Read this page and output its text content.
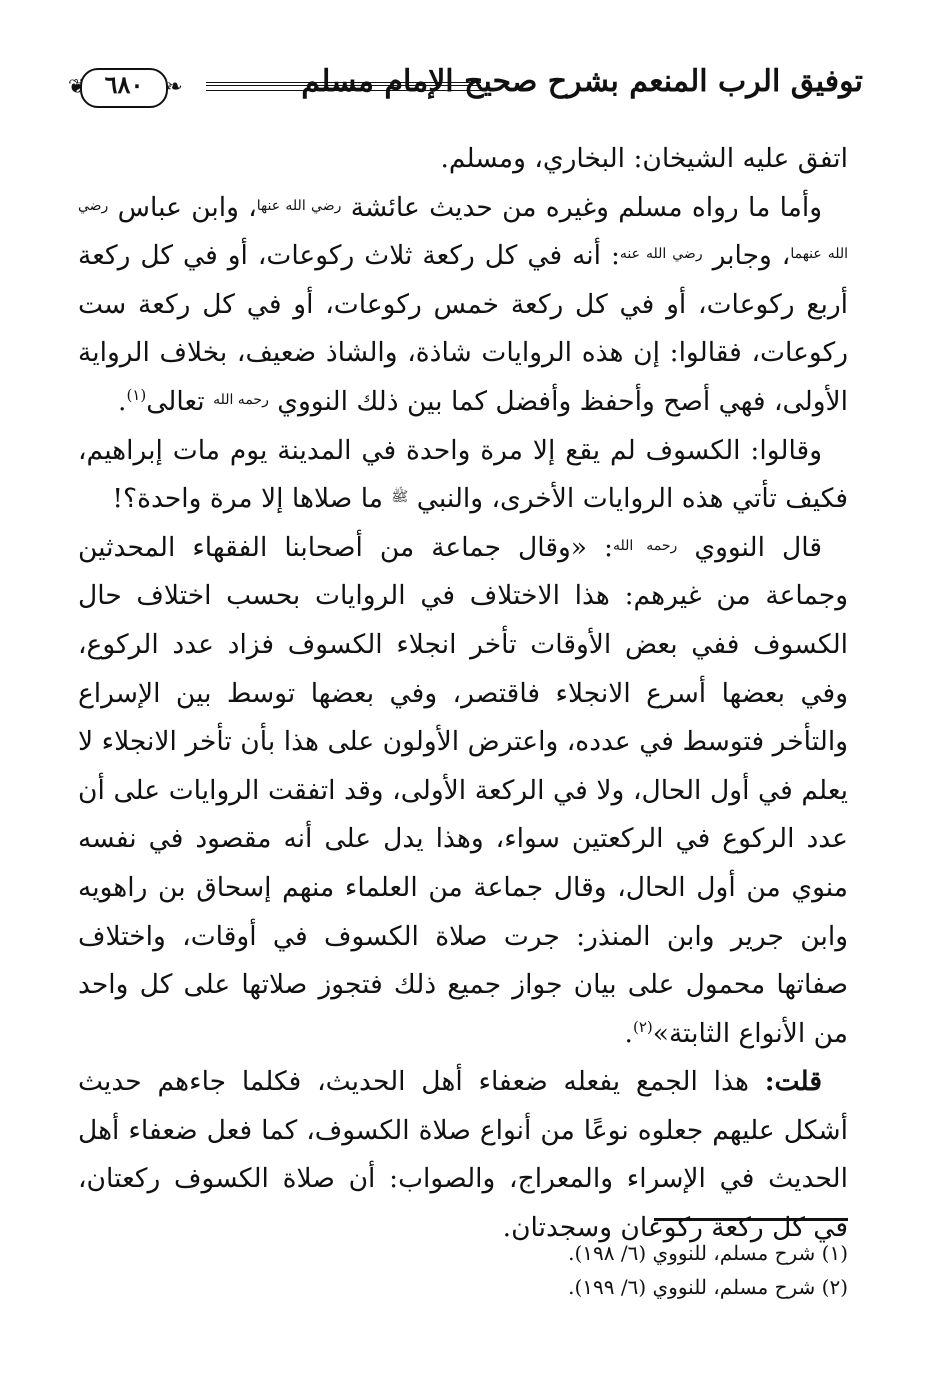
توفيق الرب المنعم بشرح صحيح الإمام مسلم
❦ ٦٨٠	❧

اتفق عليه الشيخان: البخاري، ومسلم.

وأما ما رواه مسلم وغيره من حديث عائشة $^{رضي الله عنها}$، وابن عباس $^{رضي الله عنهما}$، وجابر $^{رضي الله عنه}$: أنه في كل ركعة ثلاث ركوعات، أو في كل ركعة أربع ركوعات، أو في كل ركعة خمس ركوعات، أو في كل ركعة ست ركوعات، فقالوا: إن هذه الروايات شاذة، والشاذ ضعيف، بخلاف الرواية الأولى، فهي أصح وأحفظ وأفضل كما بين ذلك النووي $^{رحمه الله}$ تعالى$^{(١)}$.

وقالوا: الكسوف لم يقع إلا مرة واحدة في المدينة يوم مات إبراهيم، فكيف تأتي هذه الروايات الأخرى، والنبي $^ﷺ$ ما صلاها إلا مرة واحدة؟!

قال النووي $^{رحمه الله}$: «وقال جماعة من أصحابنا الفقهاء المحدثين وجماعة من غيرهم: هذا الاختلاف في الروايات بحسب اختلاف حال الكسوف ففي بعض الأوقات تأخر انجلاء الكسوف فزاد عدد الركوع، وفي بعضها أسرع الانجلاء فاقتصر، وفي بعضها توسط بين الإسراع والتأخر فتوسط في عدده، واعترض الأولون على هذا بأن تأخر الانجلاء لا يعلم في أول الحال، ولا في الركعة الأولى، وقد اتفقت الروايات على أن عدد الركوع في الركعتين سواء، وهذا يدل على أنه مقصود في نفسه منوي من أول الحال، وقال جماعة من العلماء منهم إسحاق بن راهويه وابن جرير وابن المنذر: جرت صلاة الكسوف في أوقات، واختلاف صفاتها محمول على بيان جواز جميع ذلك فتجوز صلاتها على كل واحد من الأنواع الثابتة»$^{(٢)}$.

قلت: هذا الجمع يفعله ضعفاء أهل الحديث، فكلما جاءهم حديث أشكل عليهم جعلوه نوعًا من أنواع صلاة الكسوف، كما فعل ضعفاء أهل الحديث في الإسراء والمعراج، والصواب: أن صلاة الكسوف ركعتان، في كل ركعة ركوعان وسجدتان.

(١) شرح مسلم، للنووي (٦/ ١٩٨).
(٢) شرح مسلم، للنووي (٦/ ١٩٩).
